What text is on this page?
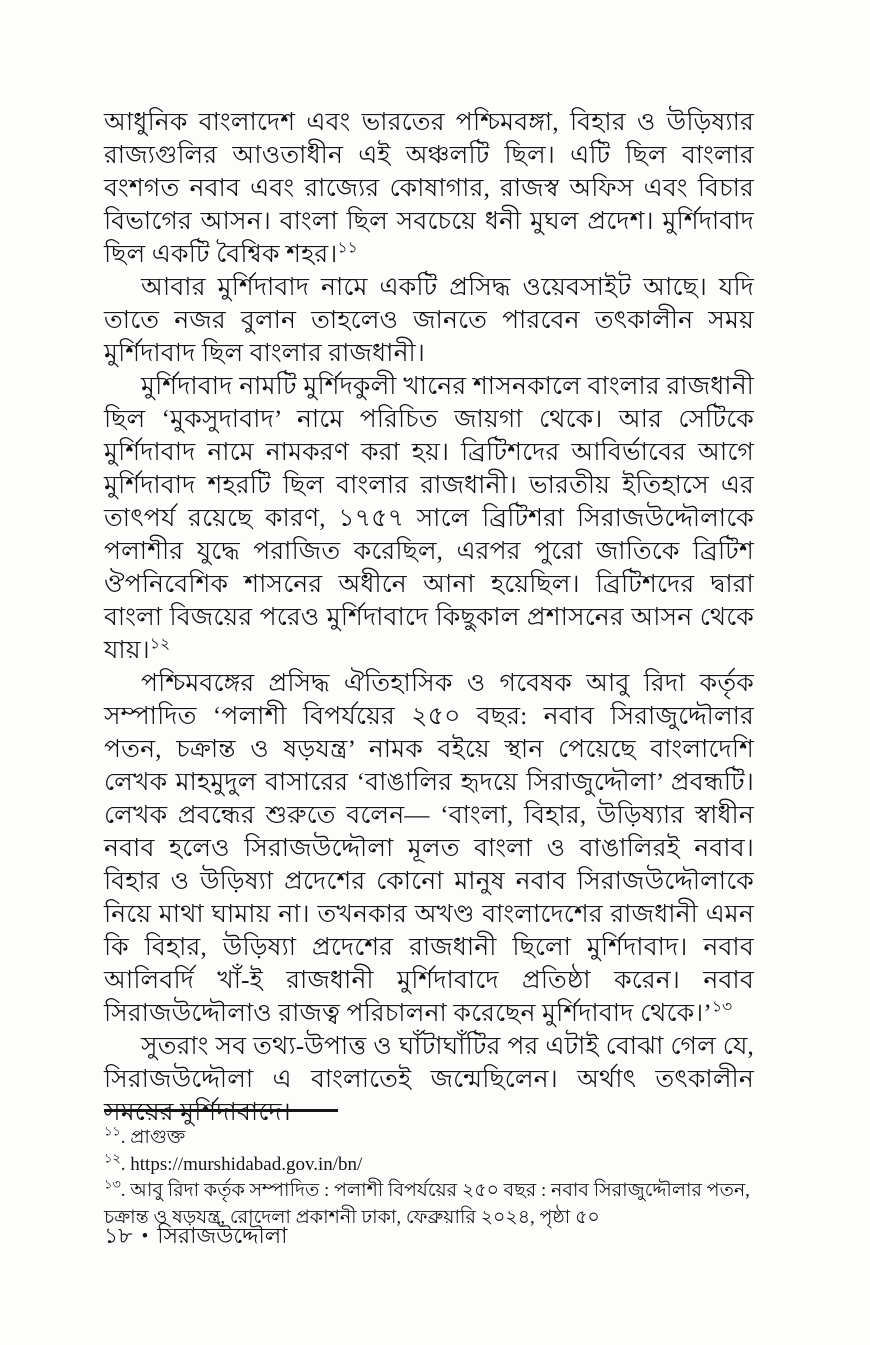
আধুনিক বাংলাদেশ এবং ভারতের পশ্চিমবঙ্গা, বিহার ও উড়িষ্যার রাজ্যগুলির আওতাধীন এই অঞ্চলটি ছিল। এটি ছিল বাংলার বংশগত নবাব এবং রাজ্যের কোষাগার, রাজস্ব অফিস এবং বিচার বিভাগের আসন। বাংলা ছিল সবচেয়ে ধনী মুঘল প্রদেশ। মুর্শিদাবাদ ছিল একটি বৈশ্বিক শহর।$^{১১}$

আবার মুর্শিদাবাদ নামে একটি প্রসিদ্ধ ওয়েবসাইট আছে। যদি তাতে নজর বুলান তাহলেও জানতে পারবেন তৎকালীন সময় মুর্শিদাবাদ ছিল বাংলার রাজধানী।

মুর্শিদাবাদ নামটি মুর্শিদকুলী খানের শাসনকালে বাংলার রাজধানী ছিল ‘মুকসুদাবাদ’ নামে পরিচিত জায়গা থেকে। আর সেটিকে মুর্শিদাবাদ নামে নামকরণ করা হয়। ব্রিটিশদের আবির্ভাবের আগে মুর্শিদাবাদ শহরটি ছিল বাংলার রাজধানী। ভারতীয় ইতিহাসে এর তাৎপর্য রয়েছে কারণ, ১৭৫৭ সালে ব্রিটিশরা সিরাজউদ্দৌলাকে পলাশীর যুদ্ধে পরাজিত করেছিল, এরপর পুরো জাতিকে ব্রিটিশ ঔপনিবেশিক শাসনের অধীনে আনা হয়েছিল। ব্রিটিশদের দ্বারা বাংলা বিজয়ের পরেও মুর্শিদাবাদে কিছুকাল প্রশাসনের আসন থেকে যায়।$^{১২}$

পশ্চিমবঙ্গের প্রসিদ্ধ ঐতিহাসিক ও গবেষক আবু রিদা কর্তৃক সম্পাদিত ‘পলাশী বিপর্যয়ের ২৫০ বছর: নবাব সিরাজুদ্দৌলার পতন, চক্রান্ত ও ষড়যন্ত্র’ নামক বইয়ে স্থান পেয়েছে বাংলাদেশি লেখক মাহমুদুল বাসারের ‘বাঙালির হৃদয়ে সিরাজুদ্দৌলা’ প্রবন্ধটি। লেখক প্রবন্ধের শুরুতে বলেন— ‘বাংলা, বিহার, উড়িষ্যার স্বাধীন নবাব হলেও সিরাজউদ্দৌলা মূলত বাংলা ও বাঙালিরই নবাব। বিহার ও উড়িষ্যা প্রদেশের কোনো মানুষ নবাব সিরাজউদ্দৌলাকে নিয়ে মাথা ঘামায় না। তখনকার অখণ্ড বাংলাদেশের রাজধানী এমন কি বিহার, উড়িষ্যা প্রদেশের রাজধানী ছিলো মুর্শিদাবাদ। নবাব আলিবর্দি খাঁ-ই রাজধানী মুর্শিদাবাদে প্রতিষ্ঠা করেন। নবাব সিরাজউদ্দৌলাও রাজত্ব পরিচালনা করেছেন মুর্শিদাবাদ থেকে।’$^{১৩}$

সুতরাং সব তথ্য-উপাত্ত ও ঘাঁটাঘাঁটির পর এটাই বোঝা গেল যে, সিরাজউদ্দৌলা এ বাংলাতেই জন্মেছিলেন। অর্থাৎ তৎকালীন সময়ের মুর্শিদাবাদে।

$^{১১}$. প্রাগুক্ত

$^{১২}$. https://murshidabad.gov.in/bn/

$^{১৩}$. আবু রিদা কর্তৃক সম্পাদিত : পলাশী বিপর্যয়ের ২৫০ বছর : নবাব সিরাজুদ্দৌলার পতন, চক্রান্ত ও ষড়যন্ত্র, রোদেলা প্রকাশনী ঢাকা, ফেব্রুয়ারি ২০২৪, পৃষ্ঠা ৫০

১৮ • সিরাজউদ্দৌলা
